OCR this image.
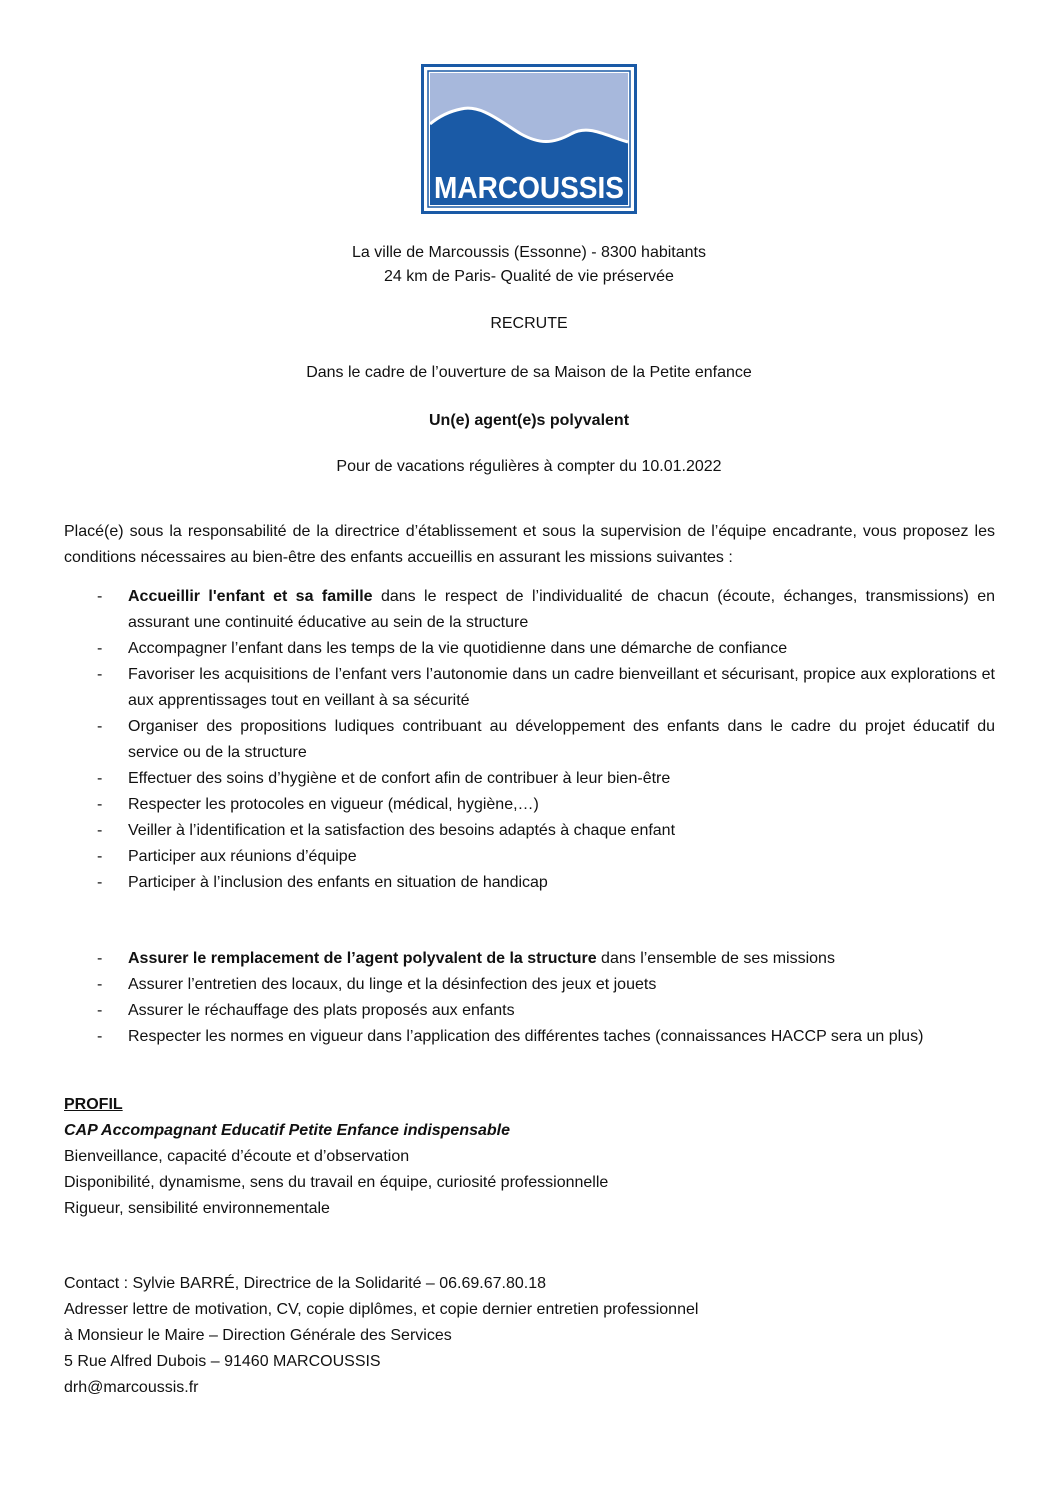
MARCOUSSIS
La ville de Marcoussis (Essonne) - 8300 habitants
24 km de Paris- Qualité de vie préservée
RECRUTE
Dans le cadre de l’ouverture de sa Maison de la Petite enfance
Un(e) agent(e)s polyvalent
Pour de vacations régulières à compter du 10.01.2022
Placé(e) sous la responsabilité de la directrice d’établissement et sous la supervision de l’équipe encadrante, vous proposez les conditions nécessaires au bien-être des enfants accueillis en assurant les missions suivantes :
- Accueillir l'enfant et sa famille dans le respect de l’individualité de chacun (écoute, échanges, transmissions) en assurant une continuité éducative au sein de la structure
- Accompagner l’enfant dans les temps de la vie quotidienne dans une démarche de confiance
- Favoriser les acquisitions de l’enfant vers l’autonomie dans un cadre bienveillant et sécurisant, propice aux explorations et aux apprentissages tout en veillant à sa sécurité
- Organiser des propositions ludiques contribuant au développement des enfants dans le cadre du projet éducatif du service ou de la structure
- Effectuer des soins d’hygiène et de confort afin de contribuer à leur bien-être
- Respecter les protocoles en vigueur (médical, hygiène,…)
- Veiller à l’identification et la satisfaction des besoins adaptés à chaque enfant
- Participer aux réunions d’équipe
- Participer à l’inclusion des enfants en situation de handicap
- Assurer le remplacement de l’agent polyvalent de la structure dans l’ensemble de ses missions
- Assurer l’entretien des locaux, du linge et la désinfection des jeux et jouets
- Assurer le réchauffage des plats proposés aux enfants
- Respecter les normes en vigueur dans l’application des différentes taches (connaissances HACCP sera un plus)
PROFIL
CAP Accompagnant Educatif Petite Enfance indispensable
Bienveillance, capacité d’écoute et d’observation
Disponibilité, dynamisme, sens du travail en équipe, curiosité professionnelle
Rigueur, sensibilité environnementale
Contact : Sylvie BARRÉ, Directrice de la Solidarité – 06.69.67.80.18
Adresser lettre de motivation, CV, copie diplômes, et copie dernier entretien professionnel
à Monsieur le Maire – Direction Générale des Services
5 Rue Alfred Dubois – 91460 MARCOUSSIS
drh@marcoussis.fr
